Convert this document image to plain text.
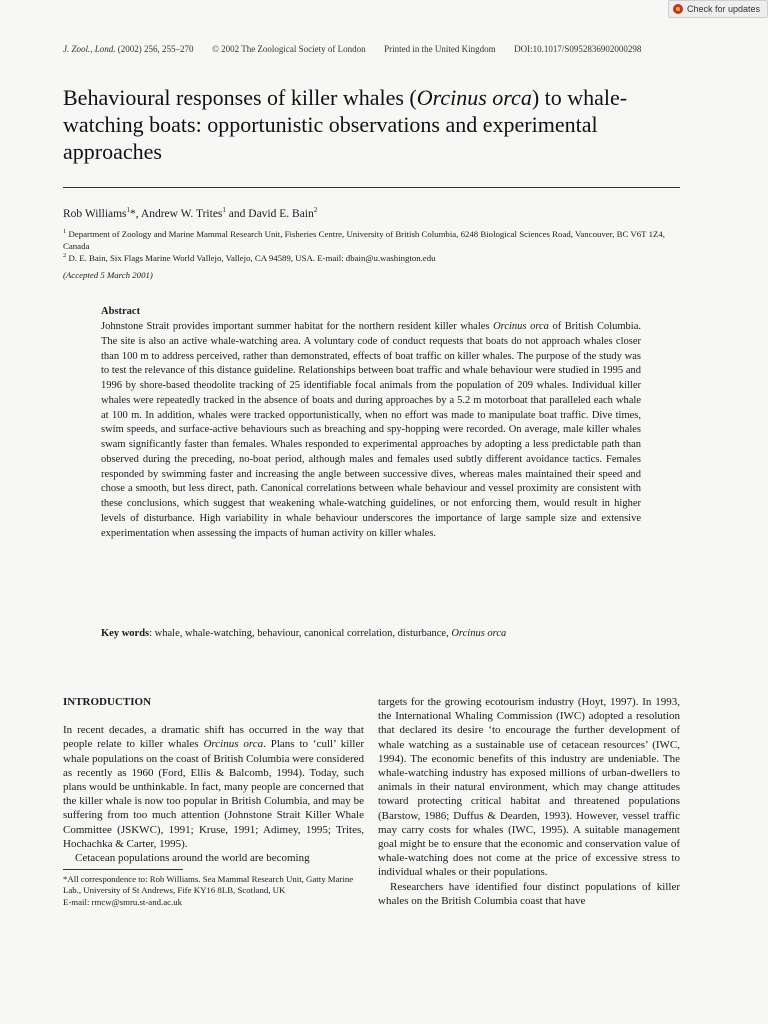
Check for updates
J. Zool., Lond. (2002) 256, 255–270 © 2002 The Zoological Society of London Printed in the United Kingdom DOI:10.1017/S0952836902000298
Behavioural responses of killer whales (Orcinus orca) to whale-watching boats: opportunistic observations and experimental approaches
Rob Williams$^1$*, Andrew W. Trites$^1$ and David E. Bain$^2$
$^1$ Department of Zoology and Marine Mammal Research Unit, Fisheries Centre, University of British Columbia, 6248 Biological Sciences Road, Vancouver, BC V6T 1Z4, Canada
$^2$ D. E. Bain, Six Flags Marine World Vallejo, Vallejo, CA 94589, USA. E-mail: dbain@u.washington.edu
(Accepted 5 March 2001)
Abstract
Johnstone Strait provides important summer habitat for the northern resident killer whales Orcinus orca of British Columbia. The site is also an active whale-watching area. A voluntary code of conduct requests that boats do not approach whales closer than 100 m to address perceived, rather than demonstrated, effects of boat traffic on killer whales. The purpose of the study was to test the relevance of this distance guideline. Relationships between boat traffic and whale behaviour were studied in 1995 and 1996 by shore-based theodolite tracking of 25 identifiable focal animals from the population of 209 whales. Individual killer whales were repeatedly tracked in the absence of boats and during approaches by a 5.2 m motorboat that paralleled each whale at 100 m. In addition, whales were tracked opportunistically, when no effort was made to manipulate boat traffic. Dive times, swim speeds, and surface-active behaviours such as breaching and spy-hopping were recorded. On average, male killer whales swam significantly faster than females. Whales responded to experimental approaches by adopting a less predictable path than observed during the preceding, no-boat period, although males and females used subtly different avoidance tactics. Females responded by swimming faster and increasing the angle between successive dives, whereas males maintained their speed and chose a smooth, but less direct, path. Canonical correlations between whale behaviour and vessel proximity are consistent with these conclusions, which suggest that weakening whale-watching guidelines, or not enforcing them, would result in higher levels of disturbance. High variability in whale behaviour underscores the importance of large sample size and extensive experimentation when assessing the impacts of human activity on killer whales.
Key words: whale, whale-watching, behaviour, canonical correlation, disturbance, Orcinus orca
INTRODUCTION

In recent decades, a dramatic shift has occurred in the way that people relate to killer whales Orcinus orca. Plans to ‘cull’ killer whale populations on the coast of British Columbia were considered as recently as 1960 (Ford, Ellis & Balcomb, 1994). Today, such plans would be unthinkable. In fact, many people are concerned that the killer whale is now too popular in British Columbia, and may be suffering from too much attention (Johnstone Strait Killer Whale Committee (JSKWC), 1991; Kruse, 1991; Adimey, 1995; Trites, Hochachka & Carter, 1995).

Cetacean populations around the world are becoming

*All correspondence to: Rob Williams. Sea Mammal Research Unit, Gatty Marine Lab., University of St Andrews, Fife KY16 8LB, Scotland, UK
E-mail: rmcw@smru.st-and.ac.uk

targets for the growing ecotourism industry (Hoyt, 1997). In 1993, the International Whaling Commission (IWC) adopted a resolution that declared its desire ‘to encourage the further development of whale watching as a sustainable use of cetacean resources’ (IWC, 1994). The economic benefits of this industry are undeniable. The whale-watching industry has exposed millions of urban-dwellers to animals in their natural environment, which may change attitudes toward protecting critical habitat and threatened populations (Barstow, 1986; Duffus & Dearden, 1993). However, vessel traffic may carry costs for whales (IWC, 1995). A suitable management goal might be to ensure that the economic and conservation value of whale-watching does not come at the price of excessive stress to individual whales or their populations.

Researchers have identified four distinct populations of killer whales on the British Columbia coast that have
